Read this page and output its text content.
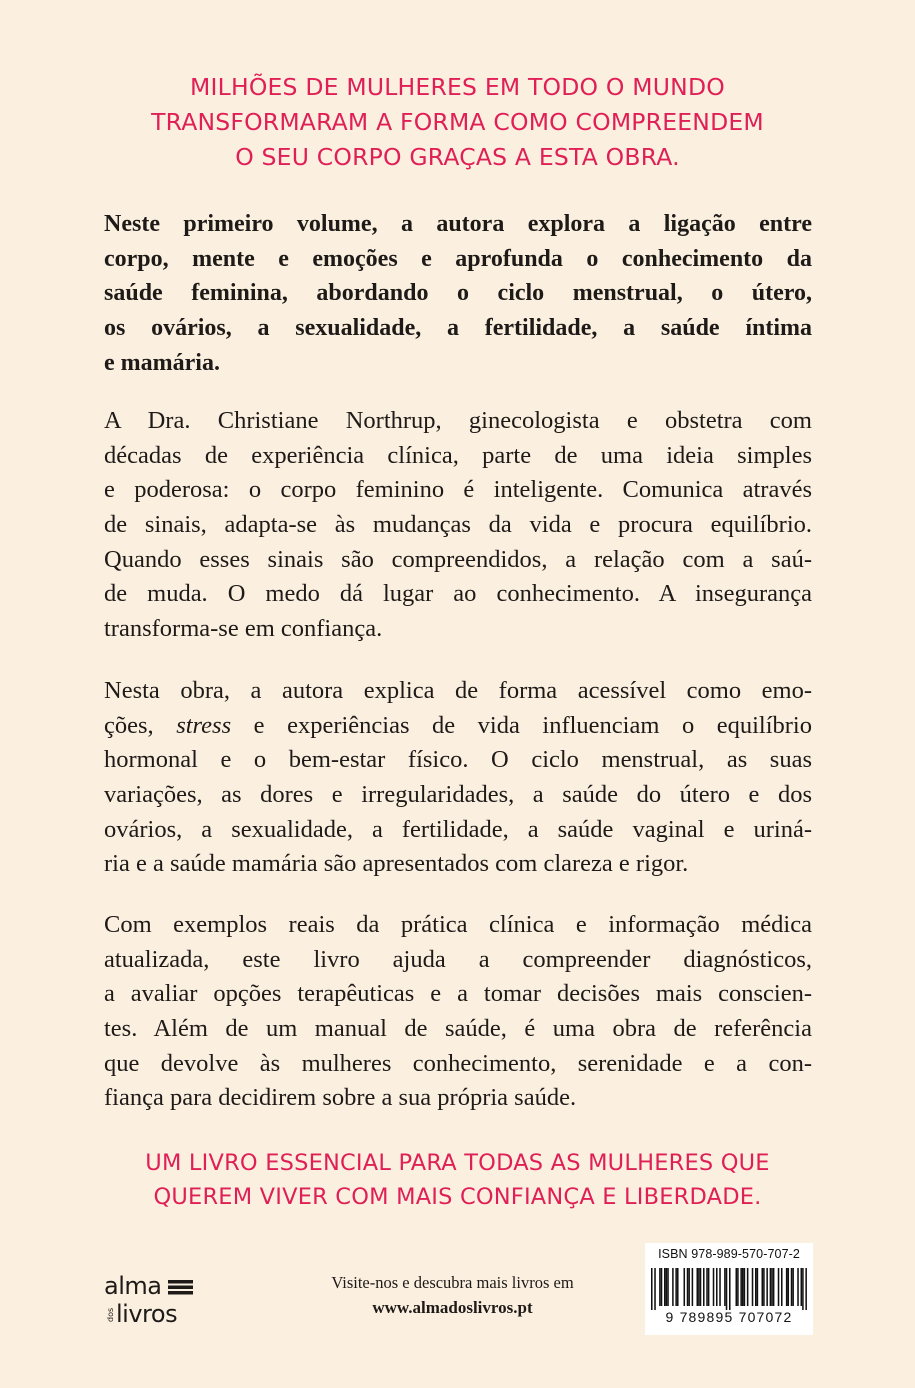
MILHÕES DE MULHERES EM TODO O MUNDO
TRANSFORMARAM A FORMA COMO COMPREENDEM
O SEU CORPO GRAÇAS A ESTA OBRA.
Neste primeiro volume, a autora explora a ligação entre
corpo, mente e emoções e aprofunda o conhecimento da
saúde feminina, abordando o ciclo menstrual, o útero,
os ovários, a sexualidade, a fertilidade, a saúde íntima
e mamária.
A Dra. Christiane Northrup, ginecologista e obstetra com
décadas de experiência clínica, parte de uma ideia simples
e poderosa: o corpo feminino é inteligente. Comunica através
de sinais, adapta-se às mudanças da vida e procura equilíbrio.
Quando esses sinais são compreendidos, a relação com a saú-
de muda. O medo dá lugar ao conhecimento. A insegurança
transforma-se em confiança.
Nesta obra, a autora explica de forma acessível como emo-
ções, stress e experiências de vida influenciam o equilíbrio
hormonal e o bem-estar físico. O ciclo menstrual, as suas
variações, as dores e irregularidades, a saúde do útero e dos
ovários, a sexualidade, a fertilidade, a saúde vaginal e uriná-
ria e a saúde mamária são apresentados com clareza e rigor.
Com exemplos reais da prática clínica e informação médica
atualizada, este livro ajuda a compreender diagnósticos,
a avaliar opções terapêuticas e a tomar decisões mais conscien-
tes. Além de um manual de saúde, é uma obra de referência
que devolve às mulheres conhecimento, serenidade e a con-
fiança para decidirem sobre a sua própria saúde.
UM LIVRO ESSENCIAL PARA TODAS AS MULHERES QUE
QUEREM VIVER COM MAIS CONFIANÇA E LIBERDADE.
alma
dos livros
Visite-nos e descubra mais livros em
www.almadoslivros.pt
ISBN 978-989-570-707-2
9 789895 707072
